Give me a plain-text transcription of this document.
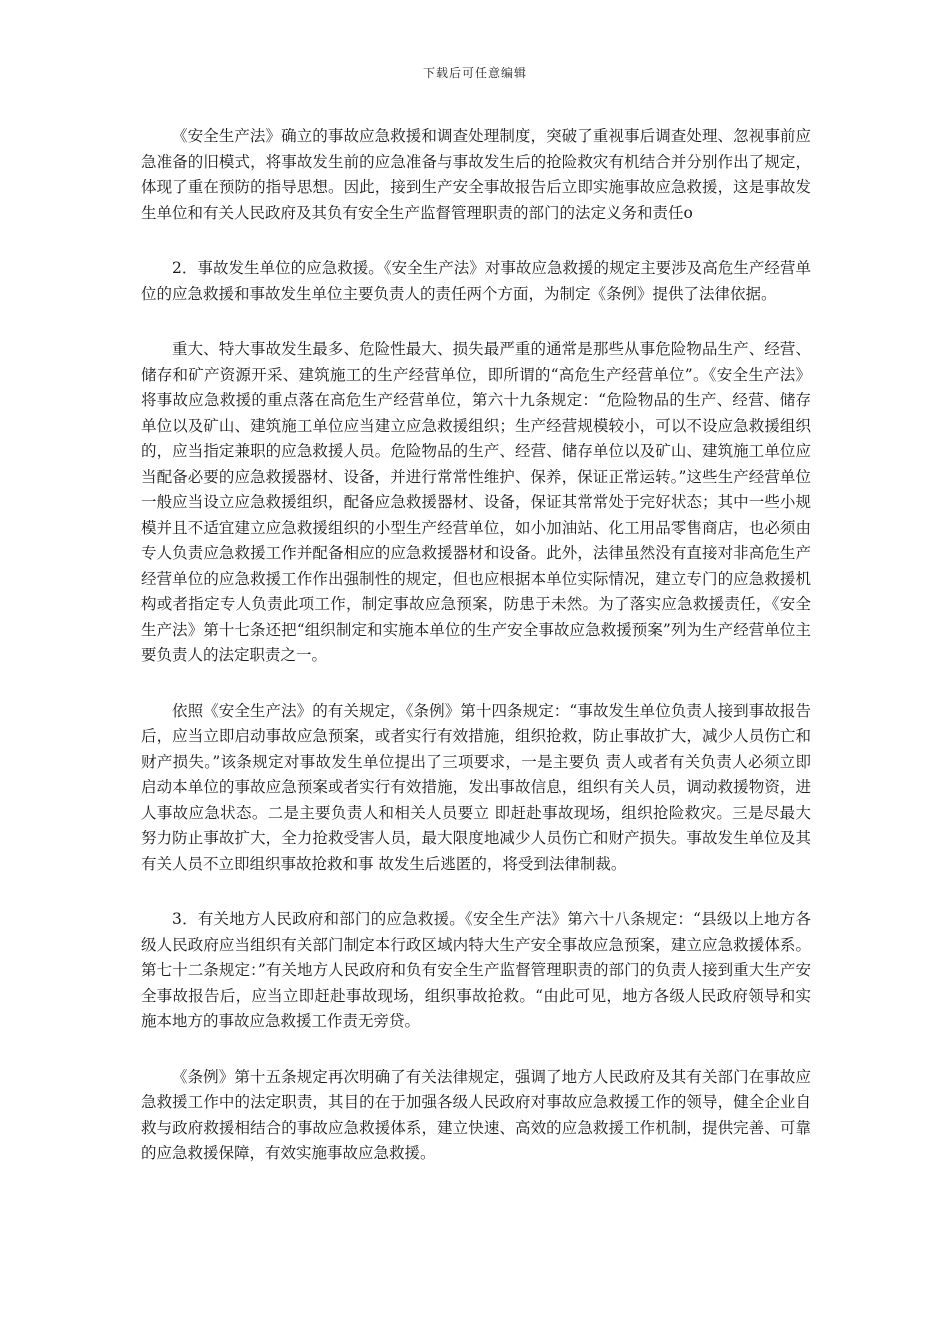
下载后可任意编辑

《安全生产法》确立的事故应急救援和调查处理制度，突破了重视事后调查处理、忽视事前应急准备的旧模式，将事故发生前的应急准备与事故发生后的抢险救灾有机结合并分别作出了规定，体现了重在预防的指导思想。因此，接到生产安全事故报告后立即实施事故应急救援，这是事故发生单位和有关人民政府及其负有安全生产监督管理职责的部门的法定义务和责任o

2．事故发生单位的应急救援。《安全生产法》对事故应急救援的规定主要涉及高危生产经营单位的应急救援和事故发生单位主要负责人的责任两个方面，为制定《条例》提供了法律依据。

重大、特大事故发生最多、危险性最大、损失最严重的通常是那些从事危险物品生产、经营、储存和矿产资源开采、建筑施工的生产经营单位，即所谓的“高危生产经营单位”。《安全生产法》将事故应急救援的重点落在高危生产经营单位，第六十九条规定：“危险物品的生产、经营、储存单位以及矿山、建筑施工单位应当建立应急救援组织；生产经营规模较小，可以不设应急救援组织的，应当指定兼职的应急救援人员。危险物品的生产、经营、储存单位以及矿山、建筑施工单位应当配备必要的应急救援器材、设备，并进行常常性维护、保养，保证正常运转。”这些生产经营单位一般应当设立应急救援组织，配备应急救援器材、设备，保证其常常处于完好状态；其中一些小规模并且不适宜建立应急救援组织的小型生产经营单位，如小加油站、化工用品零售商店，也必须由专人负责应急救援工作并配备相应的应急救援器材和设备。此外，法律虽然没有直接对非高危生产经营单位的应急救援工作作出强制性的规定，但也应根据本单位实际情况，建立专门的应急救援机构或者指定专人负责此项工作，制定事故应急预案，防患于未然。为了落实应急救援责任，《安全生产法》第十七条还把“组织制定和实施本单位的生产安全事故应急救援预案”列为生产经营单位主要负责人的法定职责之一。

依照《安全生产法》的有关规定，《条例》第十四条规定：“事故发生单位负责人接到事故报告后，应当立即启动事故应急预案，或者实行有效措施，组织抢救，防止事故扩大，减少人员伤亡和财产损失。”该条规定对事故发生单位提出了三项要求，一是主要负 责人或者有关负责人必须立即启动本单位的事故应急预案或者实行有效措施，发出事故信息，组织有关人员，调动救援物资，进人事故应急状态。二是主要负责人和相关人员要立 即赶赴事故现场，组织抢险救灾。三是尽最大努力防止事故扩大，全力抢救受害人员，最大限度地减少人员伤亡和财产损失。事故发生单位及其有关人员不立即组织事故抢救和事 故发生后逃匿的，将受到法律制裁。

3．有关地方人民政府和部门的应急救援。《安全生产法》第六十八条规定：“县级以上地方各级人民政府应当组织有关部门制定本行政区域内特大生产安全事故应急预案，建立应急救援体系。第七十二条规定：”有关地方人民政府和负有安全生产监督管理职责的部门的负责人接到重大生产安全事故报告后，应当立即赶赴事故现场，组织事故抢救。“由此可见，地方各级人民政府领导和实施本地方的事故应急救援工作责无旁贷。

《条例》第十五条规定再次明确了有关法律规定，强调了地方人民政府及其有关部门在事故应急救援工作中的法定职责，其目的在于加强各级人民政府对事故应急救援工作的领导，健全企业自救与政府救援相结合的事故应急救援体系，建立快速、高效的应急救援工作机制，提供完善、可靠的应急救援保障，有效实施事故应急救援。
